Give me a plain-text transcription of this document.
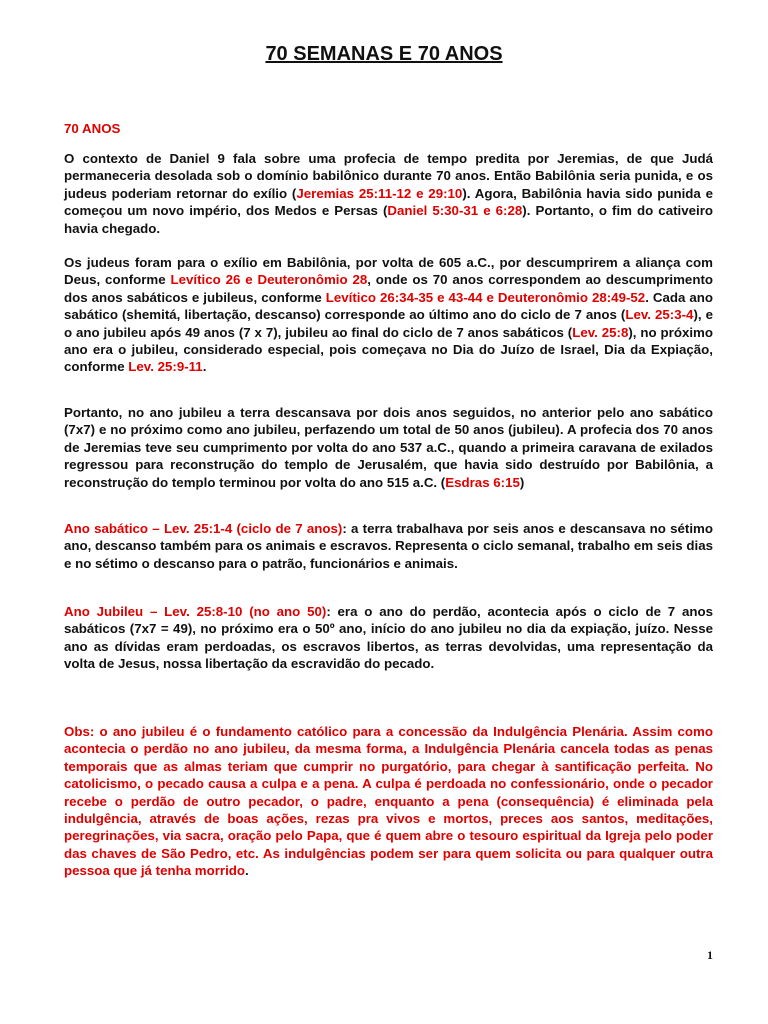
70 SEMANAS E 70 ANOS
70 ANOS
O contexto de Daniel 9 fala sobre uma profecia de tempo predita por Jeremias, de que Judá permaneceria desolada sob o domínio babilônico durante 70 anos. Então Babilônia seria punida, e os judeus poderiam retornar do exílio (Jeremias 25:11-12 e 29:10). Agora, Babilônia havia sido punida e começou um novo império, dos Medos e Persas (Daniel 5:30-31 e 6:28). Portanto, o fim do cativeiro havia chegado.
Os judeus foram para o exílio em Babilônia, por volta de 605 a.C., por descumprirem a aliança com Deus, conforme Levítico 26 e Deuteronômio 28, onde os 70 anos correspondem ao descumprimento dos anos sabáticos e jubileus, conforme Levítico 26:34-35 e 43-44 e Deuteronômio 28:49-52. Cada ano sabático (shemitá, libertação, descanso) corresponde ao último ano do ciclo de 7 anos (Lev. 25:3-4), e o ano jubileu após 49 anos (7 x 7), jubileu ao final do ciclo de 7 anos sabáticos (Lev. 25:8), no próximo ano era o jubileu, considerado especial, pois começava no Dia do Juízo de Israel, Dia da Expiação, conforme Lev. 25:9-11.
Portanto, no ano jubileu a terra descansava por dois anos seguidos, no anterior pelo ano sabático (7x7) e no próximo como ano jubileu, perfazendo um total de 50 anos (jubileu). A profecia dos 70 anos de Jeremias teve seu cumprimento por volta do ano 537 a.C., quando a primeira caravana de exilados regressou para reconstrução do templo de Jerusalém, que havia sido destruído por Babilônia, a reconstrução do templo terminou por volta do ano 515 a.C. (Esdras 6:15)
Ano sabático – Lev. 25:1-4 (ciclo de 7 anos): a terra trabalhava por seis anos e descansava no sétimo ano, descanso também para os animais e escravos. Representa o ciclo semanal, trabalho em seis dias e no sétimo o descanso para o patrão, funcionários e animais.
Ano Jubileu – Lev. 25:8-10 (no ano 50): era o ano do perdão, acontecia após o ciclo de 7 anos sabáticos (7x7 = 49), no próximo era o 50º ano, início do ano jubileu no dia da expiação, juízo. Nesse ano as dívidas eram perdoadas, os escravos libertos, as terras devolvidas, uma representação da volta de Jesus, nossa libertação da escravidão do pecado.
Obs: o ano jubileu é o fundamento católico para a concessão da Indulgência Plenária. Assim como acontecia o perdão no ano jubileu, da mesma forma, a Indulgência Plenária cancela todas as penas temporais que as almas teriam que cumprir no purgatório, para chegar à santificação perfeita. No catolicismo, o pecado causa a culpa e a pena. A culpa é perdoada no confessionário, onde o pecador recebe o perdão de outro pecador, o padre, enquanto a pena (consequência) é eliminada pela indulgência, através de boas ações, rezas pra vivos e mortos, preces aos santos, meditações, peregrinações, via sacra, oração pelo Papa, que é quem abre o tesouro espiritual da Igreja pelo poder das chaves de São Pedro, etc. As indulgências podem ser para quem solicita ou para qualquer outra pessoa que já tenha morrido.
1
